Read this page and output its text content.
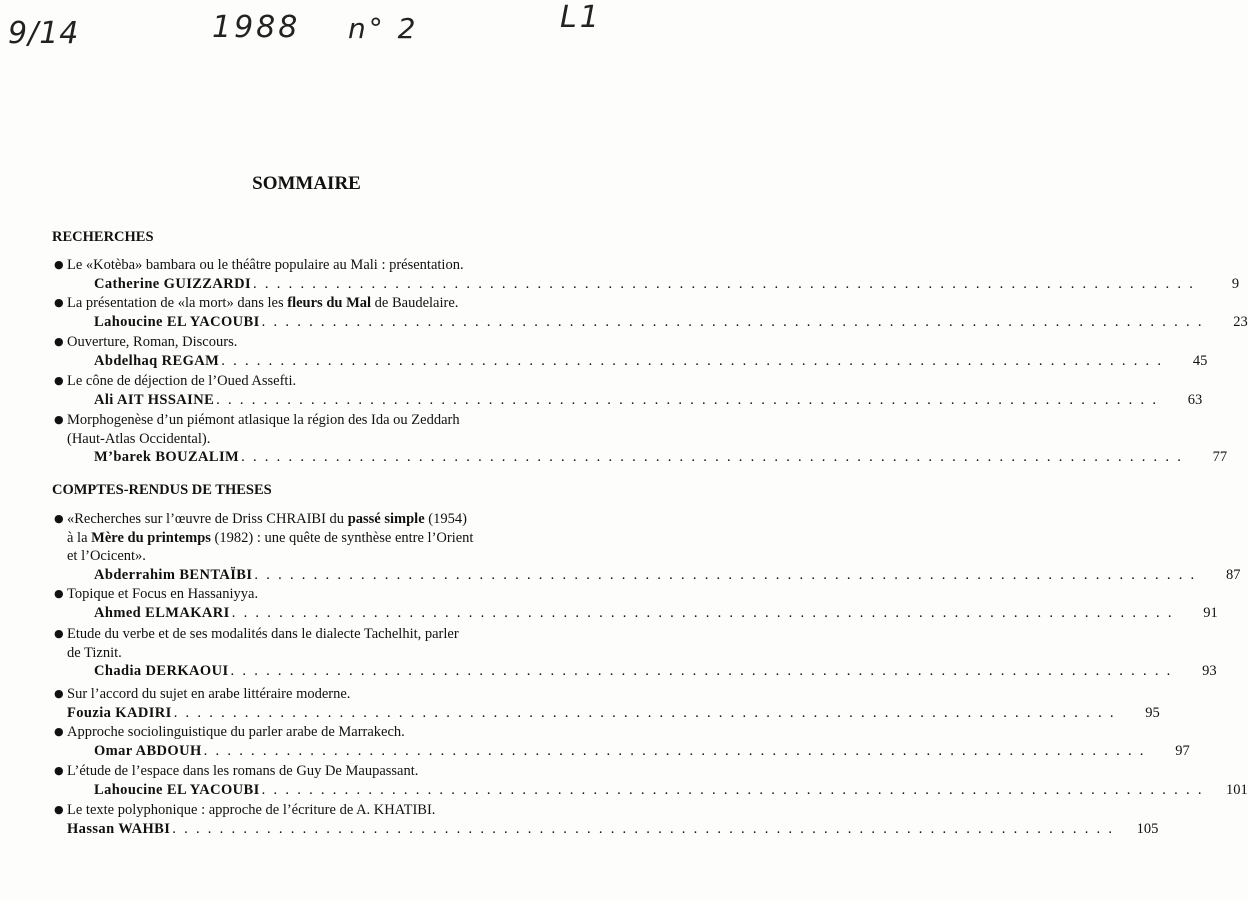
9/14	1988 n° 2	L1
SOMMAIRE
RECHERCHES
● Le «Kotèba» bambara ou le théâtre populaire au Mali : présentation.
Catherine GUIZZARDI . . . . . . . . . . . . . . . . . . . . . . . . . . . . . . . . . . . . . . . . . . . . . . . . . . . . . . . . . . . . . . . . . . . . . . . . . . . . . . . .	9
● La présentation de «la mort» dans les fleurs du Mal de Baudelaire.
Lahoucine EL YACOUBI . . . . . . . . . . . . . . . . . . . . . . . . . . . . . . . . . . . . . . . . . . . . . . . . . . . . . . . . . . . . . . . . . . . . . . . . . . . . . . . .	23
● Ouverture, Roman, Discours.
Abdelhaq REGAM . . . . . . . . . . . . . . . . . . . . . . . . . . . . . . . . . . . . . . . . . . . . . . . . . . . . . . . . . . . . . . . . . . . . . . . . . . . . . . . .	45
● Le cône de déjection de l’Oued Assefti.
Ali AIT HSSAINE . . . . . . . . . . . . . . . . . . . . . . . . . . . . . . . . . . . . . . . . . . . . . . . . . . . . . . . . . . . . . . . . . . . . . . . . . . . . . . . .	63
● Morphogenèse d’un piémont atlasique la région des Ida ou Zeddarh
(Haut-Atlas Occidental).
M’barek BOUZALIM . . . . . . . . . . . . . . . . . . . . . . . . . . . . . . . . . . . . . . . . . . . . . . . . . . . . . . . . . . . . . . . . . . . . . . . . . . . . . . . .	77
COMPTES-RENDUS DE THESES
● «Recherches sur l’œuvre de Driss CHRAIBI du passé simple (1954)
à la Mère du printemps (1982) : une quête de synthèse entre l’Orient
et l’Ocicent».
Abderrahim BENTAÏBI . . . . . . . . . . . . . . . . . . . . . . . . . . . . . . . . . . . . . . . . . . . . . . . . . . . . . . . . . . . . . . . . . . . . . . . . . . . . . . . .	87
● Topique et Focus en Hassaniyya.
Ahmed ELMAKARI . . . . . . . . . . . . . . . . . . . . . . . . . . . . . . . . . . . . . . . . . . . . . . . . . . . . . . . . . . . . . . . . . . . . . . . . . . . . . . . .	91
● Etude du verbe et de ses modalités dans le dialecte Tachelhit, parler
de Tiznit.
Chadia DERKAOUI . . . . . . . . . . . . . . . . . . . . . . . . . . . . . . . . . . . . . . . . . . . . . . . . . . . . . . . . . . . . . . . . . . . . . . . . . . . . . . . .	93
● Sur l’accord du sujet en arabe littéraire moderne.
Fouzia KADIRI . . . . . . . . . . . . . . . . . . . . . . . . . . . . . . . . . . . . . . . . . . . . . . . . . . . . . . . . . . . . . . . . . . . . . . . . . . . . . . . .	95
● Approche sociolinguistique du parler arabe de Marrakech.
Omar ABDOUH . . . . . . . . . . . . . . . . . . . . . . . . . . . . . . . . . . . . . . . . . . . . . . . . . . . . . . . . . . . . . . . . . . . . . . . . . . . . . . . .	97
● L’étude de l’espace dans les romans de Guy De Maupassant.
Lahoucine EL YACOUBI . . . . . . . . . . . . . . . . . . . . . . . . . . . . . . . . . . . . . . . . . . . . . . . . . . . . . . . . . . . . . . . . . . . . . . . . . . . . . . . .	101
● Le texte polyphonique : approche de l’écriture de A. KHATIBI.
Hassan WAHBI . . . . . . . . . . . . . . . . . . . . . . . . . . . . . . . . . . . . . . . . . . . . . . . . . . . . . . . . . . . . . . . . . . . . . . . . . . . . . . . .	105
